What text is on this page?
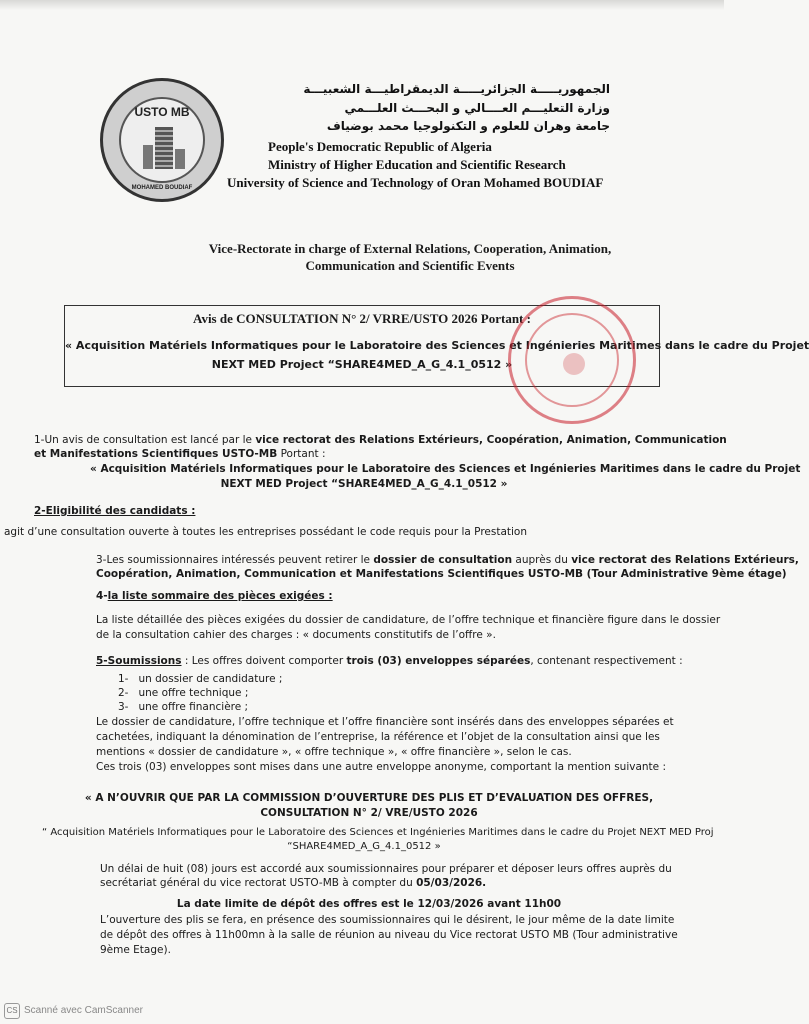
USTO MB
MOHAMED BOUDIAF
الجمهوريـــــة الجزائريـــــة الديمقراطيـــة الشعبيـــة
وزارة التعليـــم العــــالي و البحـــث العلـــمي
جامعة وهران للعلوم و التكنولوجيا محمد بوضياف
People's Democratic Republic of Algeria
Ministry of Higher Education and Scientific Research
University of Science and Technology of Oran Mohamed BOUDIAF
Vice-Rectorate in charge of External Relations, Cooperation, Animation,
Communication and Scientific Events
Avis de CONSULTATION N° 2/ VRRE/USTO 2026 Portant :
« Acquisition Matériels Informatiques pour le Laboratoire des Sciences et Ingénieries Maritimes dans le cadre du Projet
NEXT MED Project “SHARE4MED_A_G_4.1_0512 »
1-Un avis de consultation est lancé par le vice rectorat des Relations Extérieurs, Coopération, Animation, Communication
et Manifestations Scientifiques USTO-MB Portant :
« Acquisition Matériels Informatiques pour le Laboratoire des Sciences et Ingénieries Maritimes dans le cadre du Projet
NEXT MED Project “SHARE4MED_A_G_4.1_0512 »
2-Eligibilité des candidats :
agit d’une consultation ouverte à toutes les entreprises possédant le code requis pour la Prestation
3-Les soumissionnaires intéressés peuvent retirer le dossier de consultation auprès du vice rectorat des Relations Extérieurs,
Coopération, Animation, Communication et Manifestations Scientifiques USTO-MB (Tour Administrative 9ème étage)
4-la liste sommaire des pièces exigées :
La liste détaillée des pièces exigées du dossier de candidature, de l’offre technique et financière figure dans le dossier
de la consultation cahier des charges : « documents constitutifs de l’offre ».
5-Soumissions : Les offres doivent comporter trois (03) enveloppes séparées, contenant respectivement :
1- un dossier de candidature ;
2- une offre technique ;
3- une offre financière ;
Le dossier de candidature, l’offre technique et l’offre financière sont insérés dans des enveloppes séparées et
cachetées, indiquant la dénomination de l’entreprise, la référence et l’objet de la consultation ainsi que les
mentions « dossier de candidature », « offre technique », « offre financière », selon le cas.
Ces trois (03) enveloppes sont mises dans une autre enveloppe anonyme, comportant la mention suivante :
« A N’OUVRIR QUE PAR LA COMMISSION D’OUVERTURE DES PLIS ET D’EVALUATION DES OFFRES,
CONSULTATION N° 2/ VRE/USTO 2026
“ Acquisition Matériels Informatiques pour le Laboratoire des Sciences et Ingénieries Maritimes dans le cadre du Projet NEXT MED Proj
“SHARE4MED_A_G_4.1_0512 »
Un délai de huit (08) jours est accordé aux soumissionnaires pour préparer et déposer leurs offres auprès du
secrétariat général du vice rectorat USTO-MB à compter du 05/03/2026.
La date limite de dépôt des offres est le 12/03/2026 avant 11h00
L’ouverture des plis se fera, en présence des soumissionnaires qui le désirent, le jour même de la date limite
de dépôt des offres à 11h00mn à la salle de réunion au niveau du Vice rectorat USTO MB (Tour administrative
9ème Etage).
CS Scanné avec CamScanner
